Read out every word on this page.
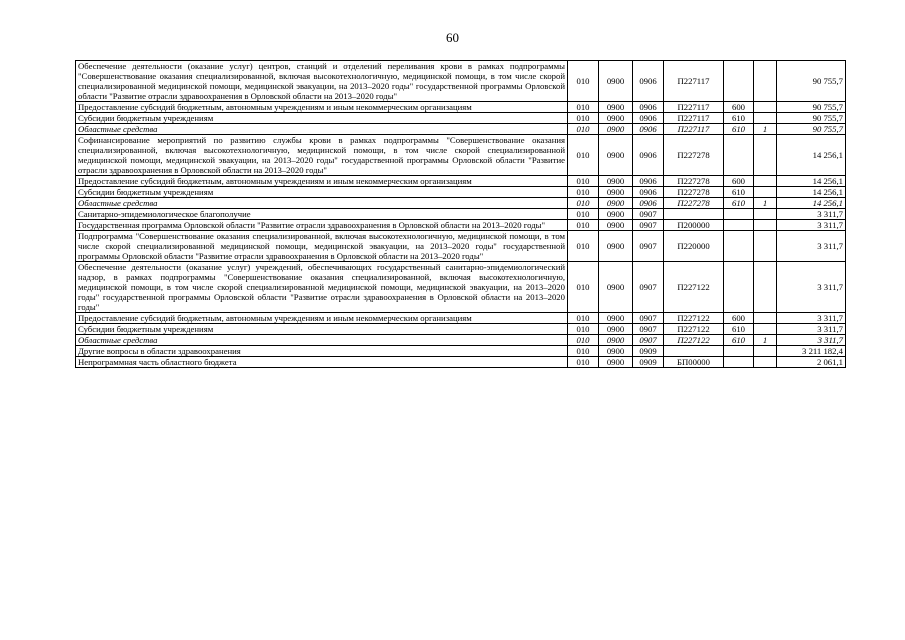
60
Обеспечение деятельности (оказание услуг) центров, станций и отделений переливания крови в рамках подпрограммы "Совершенствование оказания специализированной, включая высокотехнологичную, медицинской помощи, в том числе скорой специализированной медицинской помощи, медицинской эвакуации, на 2013–2020 годы" государственной программы Орловской области "Развитие отрасли здравоохранения в Орловской области на 2013–2020 годы"	010	0900	0906	П227117			90 755,7
Предоставление субсидий бюджетным, автономным учреждениям и иным некоммерческим организациям	010	0900	0906	П227117	600		90 755,7
Субсидии бюджетным учреждениям	010	0900	0906	П227117	610		90 755,7
Областные средства	010	0900	0906	П227117	610	1	90 755,7
Софинансирование мероприятий по развитию службы крови в рамках подпрограммы "Совершенствование оказания специализированной, включая высокотехнологичную, медицинской помощи, в том числе скорой специализированной медицинской помощи, медицинской эвакуации, на 2013–2020 годы" государственной программы Орловской области "Развитие отрасли здравоохранения в Орловской области на 2013–2020 годы"	010	0900	0906	П227278			14 256,1
Предоставление субсидий бюджетным, автономным учреждениям и иным некоммерческим организациям	010	0900	0906	П227278	600		14 256,1
Субсидии бюджетным учреждениям	010	0900	0906	П227278	610		14 256,1
Областные средства	010	0900	0906	П227278	610	1	14 256,1
Санитарно-эпидемиологическое благополучие	010	0900	0907				3 311,7
Государственная программа Орловской области "Развитие отрасли здравоохранения в Орловской области на 2013–2020 годы"	010	0900	0907	П200000			3 311,7
Подпрограмма "Совершенствование оказания специализированной, включая высокотехнологичную, медицинской помощи, в том числе скорой специализированной медицинской помощи, медицинской эвакуации, на 2013–2020 годы" государственной программы Орловской области "Развитие отрасли здравоохранения в Орловской области на 2013–2020 годы"	010	0900	0907	П220000			3 311,7
Обеспечение деятельности (оказание услуг) учреждений, обеспечивающих государственный санитарно-эпидемиологический надзор, в рамках подпрограммы "Совершенствование оказания специализированной, включая высокотехнологичную, медицинской помощи, в том числе скорой специализированной медицинской помощи, медицинской эвакуации, на 2013–2020 годы" государственной программы Орловской области "Развитие отрасли здравоохранения в Орловской области на 2013–2020 годы"	010	0900	0907	П227122			3 311,7
Предоставление субсидий бюджетным, автономным учреждениям и иным некоммерческим организациям	010	0900	0907	П227122	600		3 311,7
Субсидии бюджетным учреждениям	010	0900	0907	П227122	610		3 311,7
Областные средства	010	0900	0907	П227122	610	1	3 311,7
Другие вопросы в области здравоохранения	010	0900	0909				3 211 182,4
Непрограммная часть областного бюджета	010	0900	0909	БП00000			2 061,1
